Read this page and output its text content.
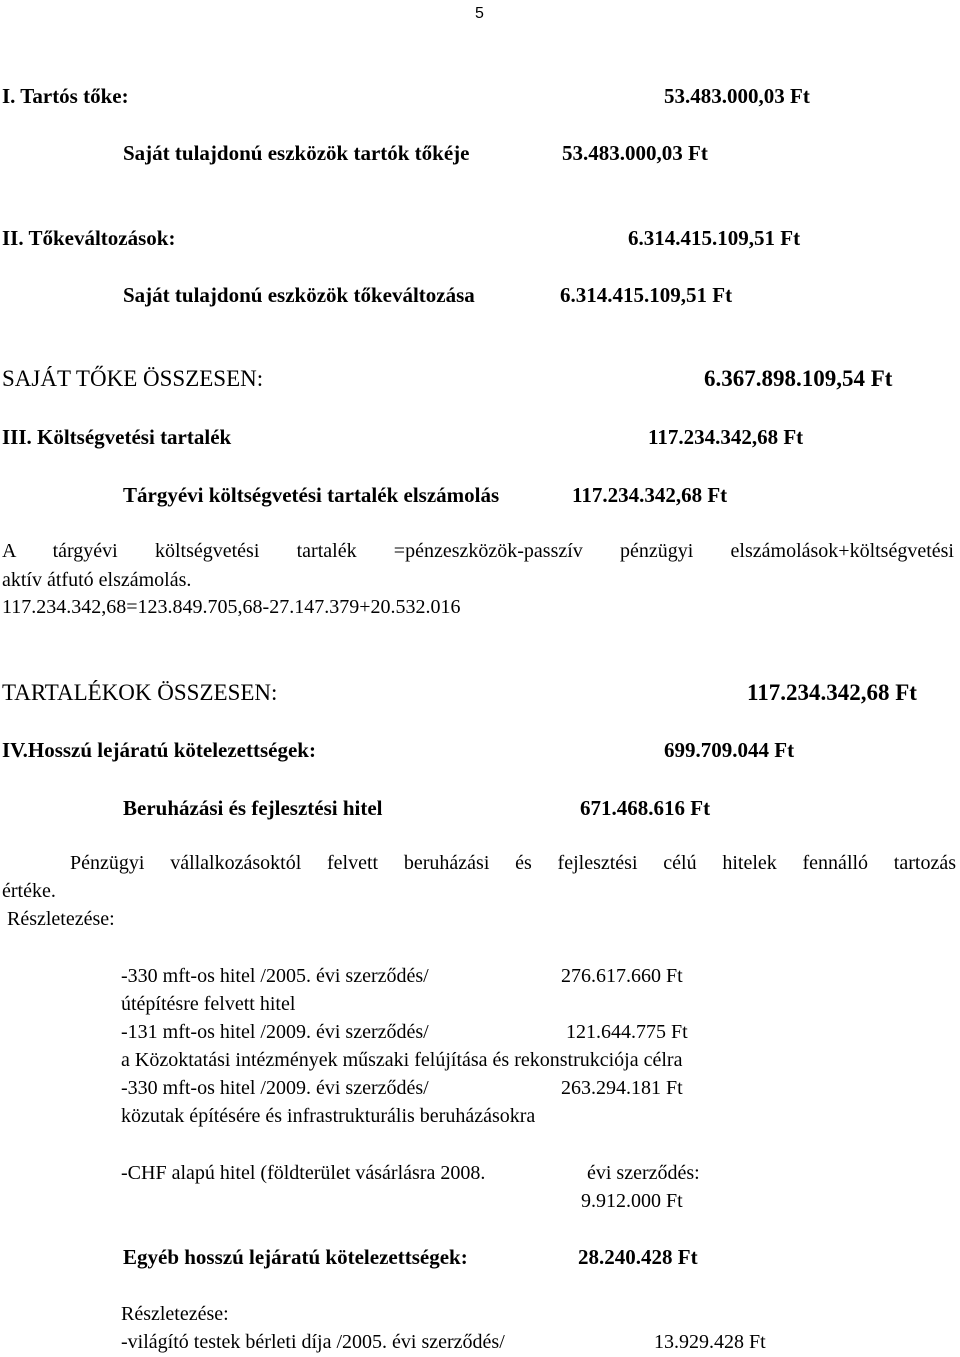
5
I. Tartós tőke:	53.483.000,03 Ft
Saját tulajdonú eszközök tartók tőkéje	53.483.000,03 Ft
II. Tőkeváltozások:	6.314.415.109,51 Ft
Saját tulajdonú eszközök tőkeváltozása	6.314.415.109,51 Ft
SAJÁT TŐKE ÖSSZESEN:	6.367.898.109,54 Ft
III. Költségvetési tartalék	117.234.342,68 Ft
Tárgyévi költségvetési tartalék elszámolás	117.234.342,68 Ft
A tárgyévi költségvetési tartalék =pénzeszközök-passzív pénzügyi elszámolások+költségvetési
aktív átfutó elszámolás.
117.234.342,68=123.849.705,68-27.147.379+20.532.016
TARTALÉKOK ÖSSZESEN:	117.234.342,68 Ft
IV.Hosszú lejáratú kötelezettségek:	699.709.044 Ft
Beruházási és fejlesztési hitel	671.468.616 Ft
Pénzügyi vállalkozásoktól felvett beruházási és fejlesztési célú hitelek fennálló tartozás
értéke.
Részletezése:
-330 mft-os hitel /2005. évi szerződés/	276.617.660 Ft
útépítésre felvett hitel
-131 mft-os hitel /2009. évi szerződés/	121.644.775 Ft
a Közoktatási intézmények műszaki felújítása és rekonstrukciója célra
-330 mft-os hitel /2009. évi szerződés/	263.294.181 Ft
közutak építésére és infrastrukturális beruházásokra
-CHF alapú hitel (földterület vásárlásra 2008.	évi szerződés:
9.912.000 Ft
Egyéb hosszú lejáratú kötelezettségek:	28.240.428 Ft
Részletezése:
-világító testek bérleti díja /2005. évi szerződés/	13.929.428 Ft
